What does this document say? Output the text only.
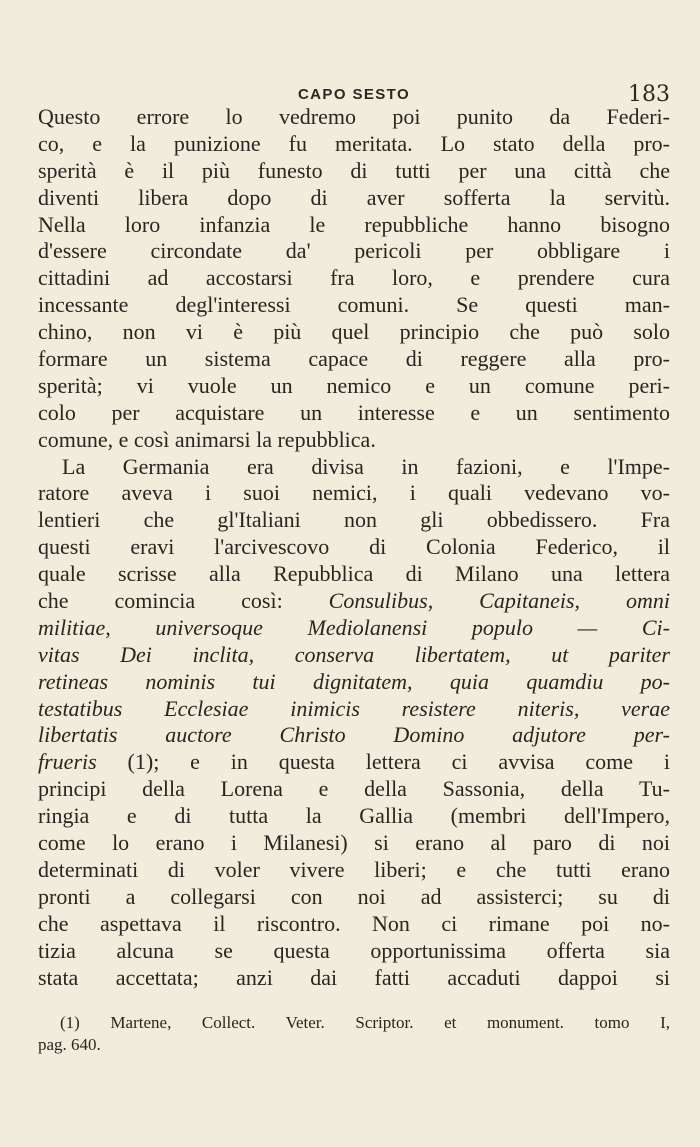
CAPO SESTO	183
Questo errore lo vedremo poi punito da Federi-
co, e la punizione fu meritata. Lo stato della pro-
sperità è il più funesto di tutti per una città che
diventi libera dopo di aver sofferta la servitù.
Nella loro infanzia le repubbliche hanno bisogno
d'essere circondate da' pericoli per obbligare i
cittadini ad accostarsi fra loro, e prendere cura
incessante degl'interessi comuni. Se questi man-
chino, non vi è più quel principio che può solo
formare un sistema capace di reggere alla pro-
sperità; vi vuole un nemico e un comune peri-
colo per acquistare un interesse e un sentimento
comune, e così animarsi la repubblica.
La Germania era divisa in fazioni, e l'Impe-
ratore aveva i suoi nemici, i quali vedevano vo-
lentieri che gl'Italiani non gli obbedissero. Fra
questi eravi l'arcivescovo di Colonia Federico, il
quale scrisse alla Repubblica di Milano una lettera
che comincia così: Consulibus, Capitaneis, omni
militiae, universoque Mediolanensi populo — Ci-
vitas Dei inclita, conserva libertatem, ut pariter
retineas nominis tui dignitatem, quia quamdiu po-
testatibus Ecclesiae inimicis resistere niteris, verae
libertatis auctore Christo Domino adjutore per-
frueris (1); e in questa lettera ci avvisa come i
principi della Lorena e della Sassonia, della Tu-
ringia e di tutta la Gallia (membri dell'Impero,
come lo erano i Milanesi) si erano al paro di noi
determinati di voler vivere liberi; e che tutti erano
pronti a collegarsi con noi ad assisterci; su di
che aspettava il riscontro. Non ci rimane poi no-
tizia alcuna se questa opportunissima offerta sia
stata accettata; anzi dai fatti accaduti dappoi si
(1) Martene, Collect. Veter. Scriptor. et monument. tomo I,
pag. 640.
